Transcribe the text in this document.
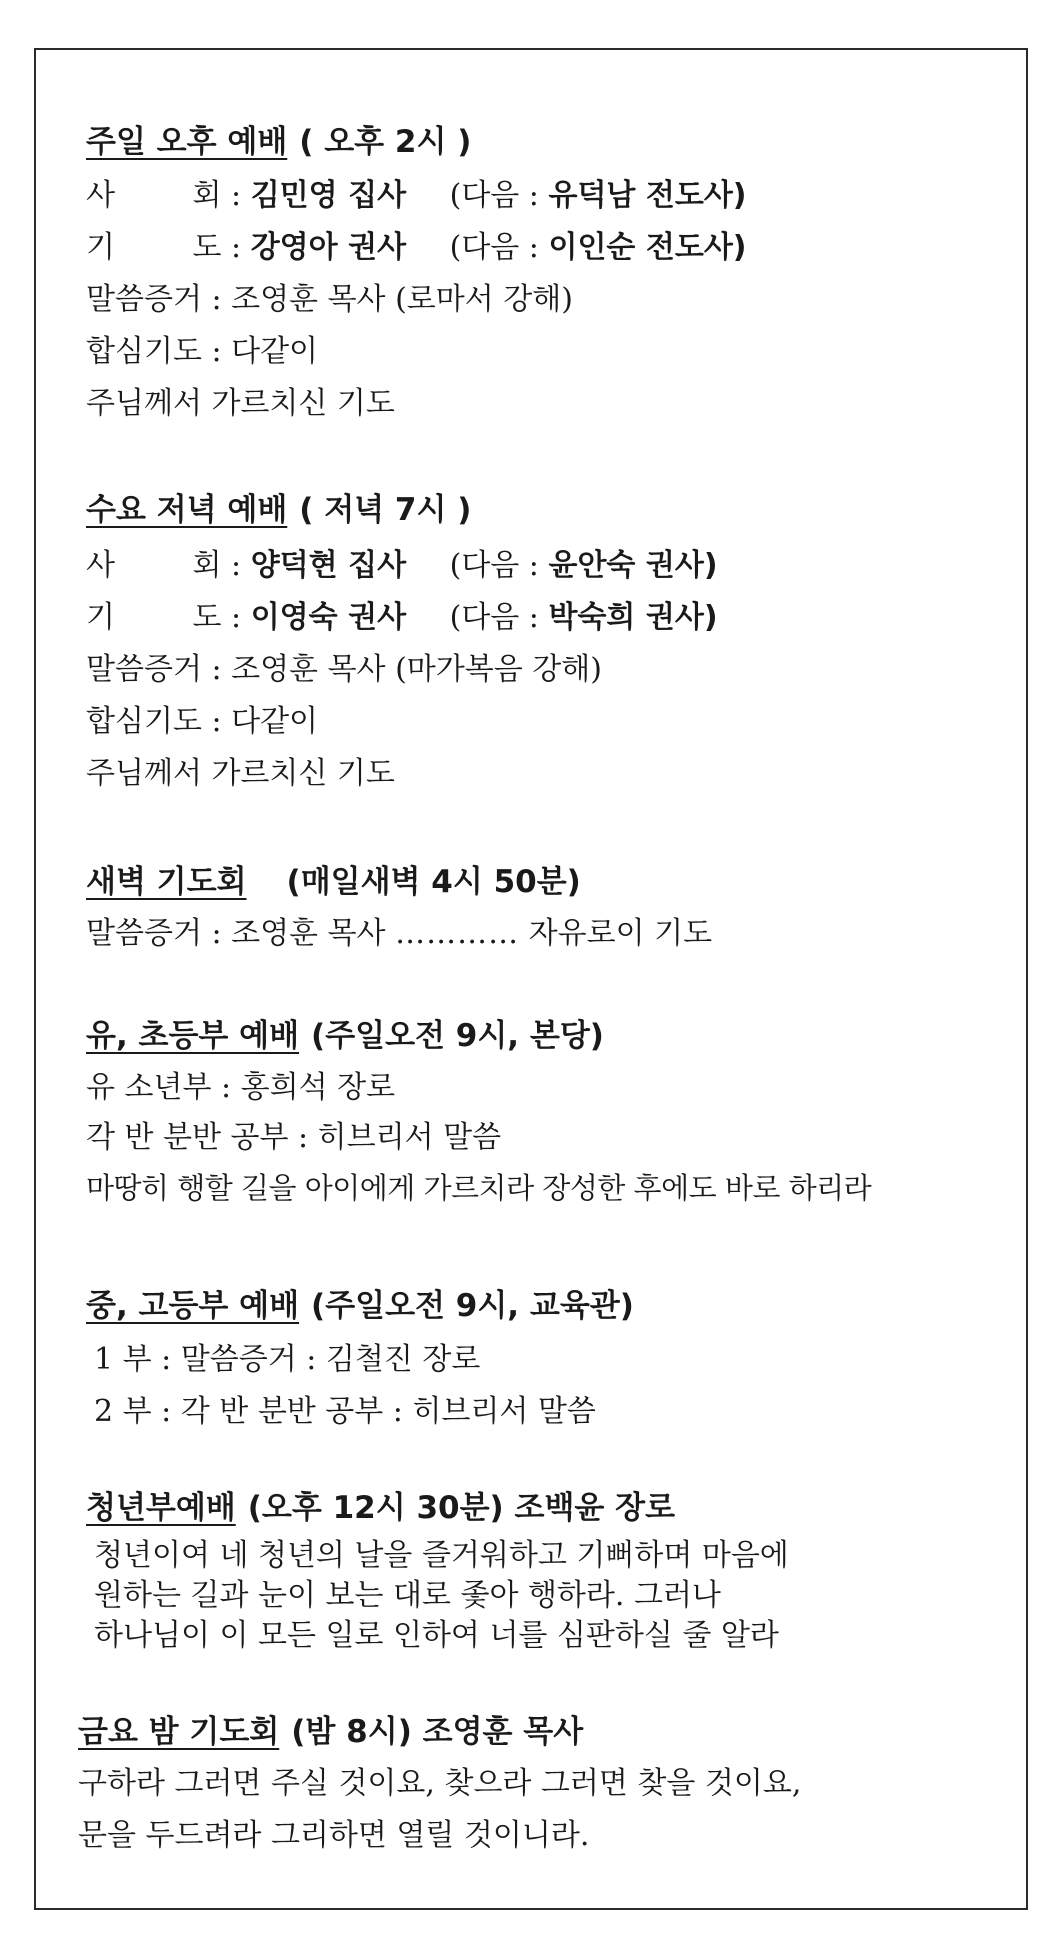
주일 오후 예배 ( 오후 2시 )
사	회 : 김민영 집사 (다음 : 유덕남 전도사)
기	도 : 강영아 권사 (다음 : 이인순 전도사)
말씀증거 : 조영훈 목사 (로마서 강해)
합심기도 : 다같이
주님께서 가르치신 기도
수요 저녁 예배 ( 저녁 7시 )
사	회 : 양덕현 집사 (다음 : 윤안숙 권사)
기	도 : 이영숙 권사 (다음 : 박숙희 권사)
말씀증거 : 조영훈 목사 (마가복음 강해)
합심기도 : 다같이
주님께서 가르치신 기도
새벽 기도회 (매일새벽 4시 50분)
말씀증거 : 조영훈 목사 ………… 자유로이 기도
유, 초등부 예배 (주일오전 9시, 본당)
유 소년부 : 홍희석 장로
각 반 분반 공부 : 히브리서 말씀
마땅히 행할 길을 아이에게 가르치라 장성한 후에도 바로 하리라
중, 고등부 예배 (주일오전 9시, 교육관)
1 부 : 말씀증거 : 김철진 장로
2 부 : 각 반 분반 공부 : 히브리서 말씀
청년부예배 (오후 12시 30분) 조백윤 장로
청년이여 네 청년의 날을 즐거워하고 기뻐하며 마음에
원하는 길과 눈이 보는 대로 좇아 행하라. 그러나
하나님이 이 모든 일로 인하여 너를 심판하실 줄 알라
금요 밤 기도회 (밤 8시) 조영훈 목사
구하라 그러면 주실 것이요, 찾으라 그러면 찾을 것이요,
문을 두드려라 그리하면 열릴 것이니라.
